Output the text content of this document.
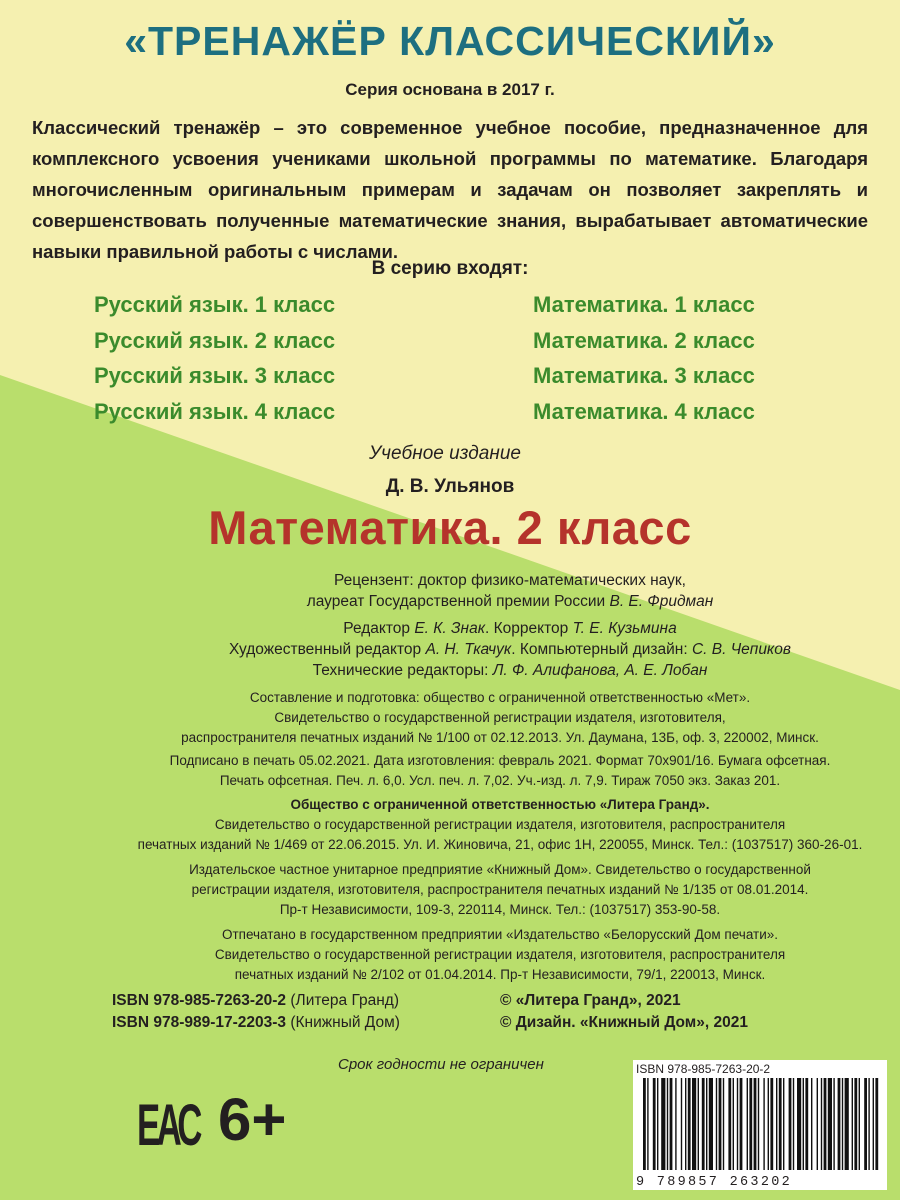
«ТРЕНАЖЁР КЛАССИЧЕСКИЙ»
Серия основана в 2017 г.
Классический тренажёр – это современное учебное пособие, предназначенное для комплексного усвоения учениками школьной программы по математике. Благодаря многочисленным оригинальным примерам и задачам он позволяет закреплять и совершенствовать полученные математические знания, вырабатывает автоматические навыки правильной работы с числами.
В серию входят:
Русский язык. 1 класс
Русский язык. 2 класс
Русский язык. 3 класс
Русский язык. 4 класс
Математика. 1 класс
Математика. 2 класс
Математика. 3 класс
Математика. 4 класс
Учебное издание
Д. В. Ульянов
Математика. 2 класс
Рецензент: доктор физико-математических наук,
лауреат Государственной премии России В. Е. Фридман
Редактор Е. К. Знак. Корректор Т. Е. Кузьмина
Художественный редактор А. Н. Ткачук. Компьютерный дизайн: С. В. Чепиков
Технические редакторы: Л. Ф. Алифанова, А. Е. Лобан
Составление и подготовка: общество с ограниченной ответственностью «Мет».
Свидетельство о государственной регистрации издателя, изготовителя,
распространителя печатных изданий № 1/100 от 02.12.2013. Ул. Даумана, 13Б, оф. 3, 220002, Минск.
Подписано в печать 05.02.2021. Дата изготовления: февраль 2021. Формат 70x901/16. Бумага офсетная.
Печать офсетная. Печ. л. 6,0. Усл. печ. л. 7,02. Уч.-изд. л. 7,9. Тираж 7050 экз. Заказ 201.
Общество с ограниченной ответственностью «Литера Гранд».
Свидетельство о государственной регистрации издателя, изготовителя, распространителя
печатных изданий № 1/469 от 22.06.2015. Ул. И. Жиновича, 21, офис 1Н, 220055, Минск. Тел.: (1037517) 360-26-01.
Издательское частное унитарное предприятие «Книжный Дом». Свидетельство о государственной
регистрации издателя, изготовителя, распространителя печатных изданий № 1/135 от 08.01.2014.
Пр-т Независимости, 109-3, 220114, Минск. Тел.: (1037517) 353-90-58.
Отпечатано в государственном предприятии «Издательство «Белорусский Дом печати».
Свидетельство о государственной регистрации издателя, изготовителя, распространителя
печатных изданий № 2/102 от 01.04.2014. Пр-т Независимости, 79/1, 220013, Минск.
ISBN 978-985-7263-20-2 (Литера Гранд)
ISBN 978-989-17-2203-3 (Книжный Дом)
© «Литера Гранд», 2021
© Дизайн. «Книжный Дом», 2021
Срок годности не ограничен
ЕАС 6+
ISBN 978-985-7263-20-2
9 789857 263202
